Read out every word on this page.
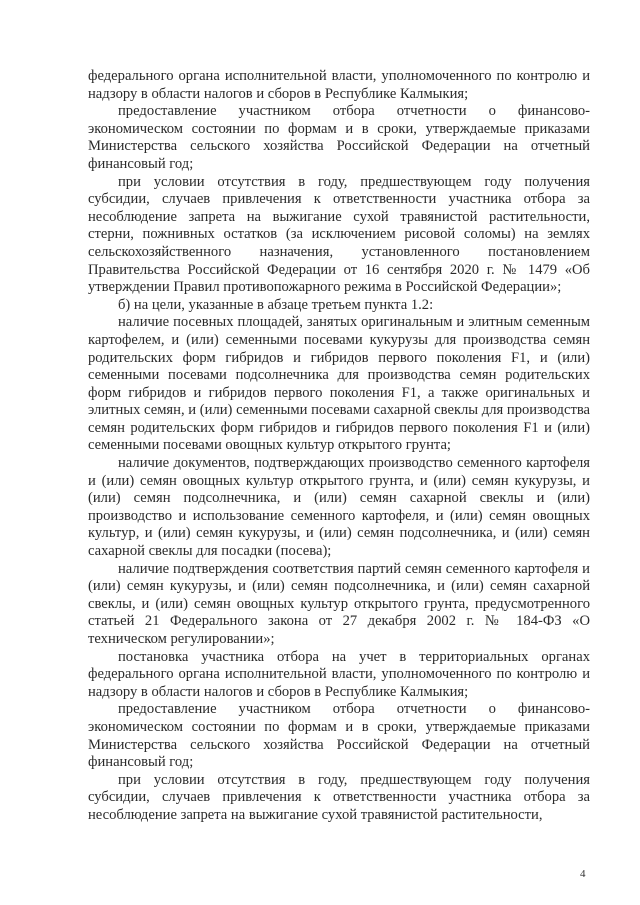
федерального органа исполнительной власти, уполномоченного по контролю и надзору в области налогов и сборов в Республике Калмыкия;

предоставление участником отбора отчетности о финансово-экономическом состоянии по формам и в сроки, утверждаемые приказами Министерства сельского хозяйства Российской Федерации на отчетный финансовый год;

при условии отсутствия в году, предшествующем году получения субсидии, случаев привлечения к ответственности участника отбора за несоблюдение запрета на выжигание сухой травянистой растительности, стерни, пожнивных остатков (за исключением рисовой соломы) на землях сельскохозяйственного назначения, установленного постановлением Правительства Российской Федерации от 16 сентября 2020 г. № 1479 «Об утверждении Правил противопожарного режима в Российской Федерации»;

б) на цели, указанные в абзаце третьем пункта 1.2:

наличие посевных площадей, занятых оригинальным и элитным семенным картофелем, и (или) семенными посевами кукурузы для производства семян родительских форм гибридов и гибридов первого поколения F1, и (или) семенными посевами подсолнечника для производства семян родительских форм гибридов и гибридов первого поколения F1, а также оригинальных и элитных семян, и (или) семенными посевами сахарной свеклы для производства семян родительских форм гибридов и гибридов первого поколения F1 и (или) семенными посевами овощных культур открытого грунта;

наличие документов, подтверждающих производство семенного картофеля и (или) семян овощных культур открытого грунта, и (или) семян кукурузы, и (или) семян подсолнечника, и (или) семян сахарной свеклы и (или) производство и использование семенного картофеля, и (или) семян овощных культур, и (или) семян кукурузы, и (или) семян подсолнечника, и (или) семян сахарной свеклы для посадки (посева);

наличие подтверждения соответствия партий семян семенного картофеля и (или) семян кукурузы, и (или) семян подсолнечника, и (или) семян сахарной свеклы, и (или) семян овощных культур открытого грунта, предусмотренного статьей 21 Федерального закона от 27 декабря 2002 г. № 184-ФЗ «О техническом регулировании»;

постановка участника отбора на учет в территориальных органах федерального органа исполнительной власти, уполномоченного по контролю и надзору в области налогов и сборов в Республике Калмыкия;

предоставление участником отбора отчетности о финансово-экономическом состоянии по формам и в сроки, утверждаемые приказами Министерства сельского хозяйства Российской Федерации на отчетный финансовый год;

при условии отсутствия в году, предшествующем году получения субсидии, случаев привлечения к ответственности участника отбора за несоблюдение запрета на выжигание сухой травянистой растительности,

4
